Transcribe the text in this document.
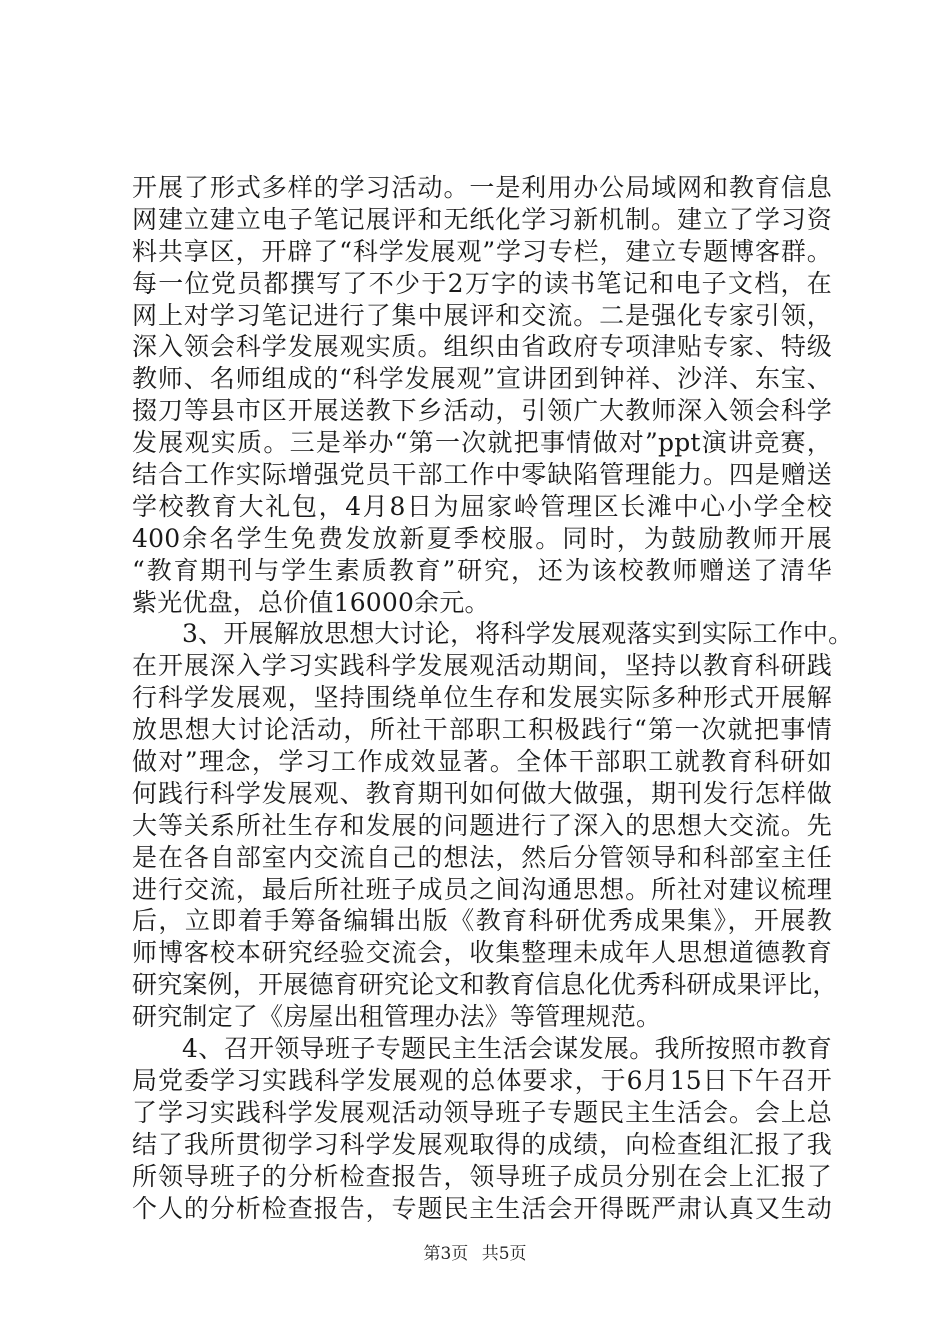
开展了形式多样的学习活动。一是利用办公局域网和教育信息
网建立建立电子笔记展评和无纸化学习新机制。建立了学习资
料共享区，开辟了“科学发展观”学习专栏，建立专题博客群。
每一位党员都撰写了不少于2万字的读书笔记和电子文档，在
网上对学习笔记进行了集中展评和交流。二是强化专家引领，
深入领会科学发展观实质。组织由省政府专项津贴专家、特级
教师、名师组成的“科学发展观”宣讲团到钟祥、沙洋、东宝、
掇刀等县市区开展送教下乡活动，引领广大教师深入领会科学
发展观实质。三是举办“第一次就把事情做对”ppt演讲竞赛，
结合工作实际增强党员干部工作中零缺陷管理能力。四是赠送
学校教育大礼包，4月8日为屈家岭管理区长滩中心小学全校
400余名学生免费发放新夏季校服。同时，为鼓励教师开展
“教育期刊与学生素质教育”研究，还为该校教师赠送了清华
紫光优盘，总价值16000余元。
3、开展解放思想大讨论，将科学发展观落实到实际工作中。
在开展深入学习实践科学发展观活动期间，坚持以教育科研践
行科学发展观，坚持围绕单位生存和发展实际多种形式开展解
放思想大讨论活动，所社干部职工积极践行“第一次就把事情
做对”理念，学习工作成效显著。全体干部职工就教育科研如
何践行科学发展观、教育期刊如何做大做强，期刊发行怎样做
大等关系所社生存和发展的问题进行了深入的思想大交流。先
是在各自部室内交流自己的想法，然后分管领导和科部室主任
进行交流，最后所社班子成员之间沟通思想。所社对建议梳理
后，立即着手筹备编辑出版《教育科研优秀成果集》，开展教
师博客校本研究经验交流会，收集整理未成年人思想道德教育
研究案例，开展德育研究论文和教育信息化优秀科研成果评比，
研究制定了《房屋出租管理办法》等管理规范。
4、召开领导班子专题民主生活会谋发展。我所按照市教育
局党委学习实践科学发展观的总体要求，于6月15日下午召开
了学习实践科学发展观活动领导班子专题民主生活会。会上总
结了我所贯彻学习科学发展观取得的成绩，向检查组汇报了我
所领导班子的分析检查报告，领导班子成员分别在会上汇报了
个人的分析检查报告，专题民主生活会开得既严肃认真又生动
第3页 共5页
